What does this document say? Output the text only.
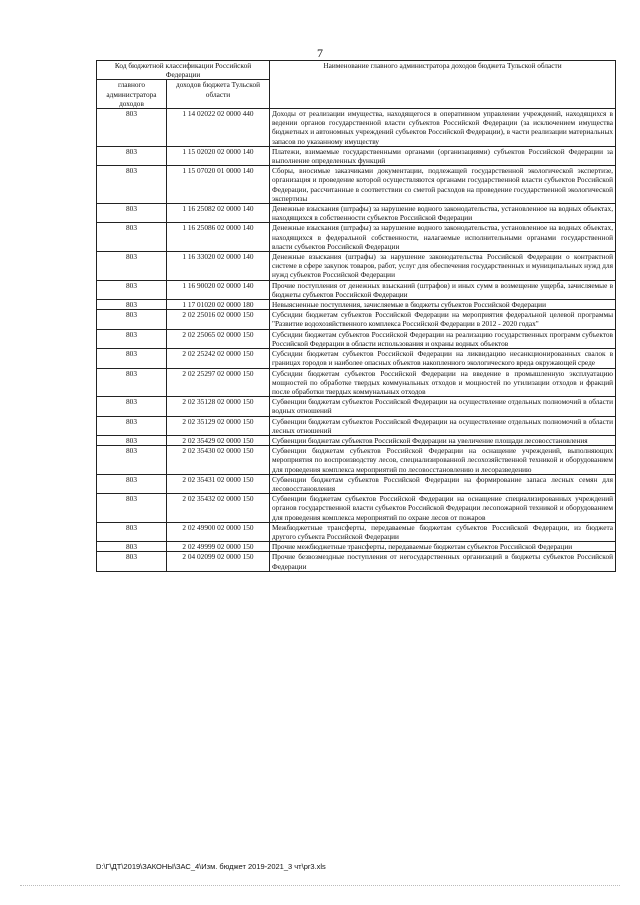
7
Код бюджетной классификации Российской Федерации		Наименование главного администратора доходов бюджета Тульской области
главного администратора доходов	доходов бюджета Тульской области	
803	1 14 02022 02 0000 440	Доходы от реализации имущества, находящегося в оперативном управлении учреждений, находящихся в ведении органов государственной власти субъектов Российской Федерации (за исключением имущества бюджетных и автономных учреждений субъектов Российской Федерации), в части реализации материальных запасов по указанному имуществу
803	1 15 02020 02 0000 140	Платежи, взимаемые государственными органами (организациями) субъектов Российской Федерации за выполнение определенных функций
803	1 15 07020 01 0000 140	Сборы, вносимые заказчиками документации, подлежащей государственной экологической экспертизе, организация и проведение которой осуществляются органами государственной власти субъектов Российской Федерации, рассчитанные в соответствии со сметой расходов на проведение государственной экологической экспертизы
803	1 16 25082 02 0000 140	Денежные взыскания (штрафы) за нарушение водного законодательства, установленное на водных объектах, находящихся в собственности субъектов Российской Федерации
803	1 16 25086 02 0000 140	Денежные взыскания (штрафы) за нарушение водного законодательства, установленное на водных объектах, находящихся в федеральной собственности, налагаемые исполнительными органами государственной власти субъектов Российской Федерации
803	1 16 33020 02 0000 140	Денежные взыскания (штрафы) за нарушение законодательства Российской Федерации о контрактной системе в сфере закупок товаров, работ, услуг для обеспечения государственных и муниципальных нужд для нужд субъектов Российской Федерации
803	1 16 90020 02 0000 140	Прочие поступления от денежных взысканий (штрафов) и иных сумм в возмещение ущерба, зачисляемые в бюджеты субъектов Российской Федерации
803	1 17 01020 02 0000 180	Невыясненные поступления, зачисляемые в бюджеты субъектов Российской Федерации
803	2 02 25016 02 0000 150	Субсидии бюджетам субъектов Российской Федерации на мероприятия федеральной целевой программы "Развитие водохозяйственного комплекса Российской Федерации в 2012 - 2020 годах"
803	2 02 25065 02 0000 150	Субсидии бюджетам субъектов Российской Федерации на реализацию государственных программ субъектов Российской Федерации в области использования и охраны водных объектов
803	2 02 25242 02 0000 150	Субсидии бюджетам субъектов Российской Федерации на ликвидацию несанкционированных свалок в границах городов и наиболее опасных объектов накопленного экологического вреда окружающей среде
803	2 02 25297 02 0000 150	Субсидии бюджетам субъектов Российской Федерации на введение в промышленную эксплуатацию мощностей по обработке твердых коммунальных отходов и мощностей по утилизации отходов и фракций после обработки твердых коммунальных отходов
803	2 02 35128 02 0000 150	Субвенции бюджетам субъектов Российской Федерации на осуществление отдельных полномочий в области водных отношений
803	2 02 35129 02 0000 150	Субвенции бюджетам субъектов Российской Федерации на осуществление отдельных полномочий в области лесных отношений
803	2 02 35429 02 0000 150	Субвенции бюджетам субъектов Российской Федерации на увеличение площади лесовосстановления
803	2 02 35430 02 0000 150	Субвенции бюджетам субъектов Российской Федерации на оснащение учреждений, выполняющих мероприятия по воспроизводству лесов, специализированной лесохозяйственной техникой и оборудованием для проведения комплекса мероприятий по лесовосстановлению и лесоразведению
803	2 02 35431 02 0000 150	Субвенции бюджетам субъектов Российской Федерации на формирование запаса лесных семян для лесовосстановления
803	2 02 35432 02 0000 150	Субвенции бюджетам субъектов Российской Федерации на оснащение специализированных учреждений органов государственной власти субъектов Российской Федерации лесопожарной техникой и оборудованием для проведения комплекса мероприятий по охране лесов от пожаров
803	2 02 49900 02 0000 150	Межбюджетные трансферты, передаваемые бюджетам субъектов Российской Федерации, из бюджета другого субъекта Российской Федерации
803	2 02 49999 02 0000 150	Прочие межбюджетные трансферты, передаваемые бюджетам субъектов Российской Федерации
803	2 04 02099 02 0000 150	Прочие безвозмездные поступления от негосударственных организаций в бюджеты субъектов Российской Федерации
D:\Г\ДТ\2019\ЗАКОНЫ\ЗАС_4\Изм. бюджет 2019-2021_3 чт\pr3.xls
